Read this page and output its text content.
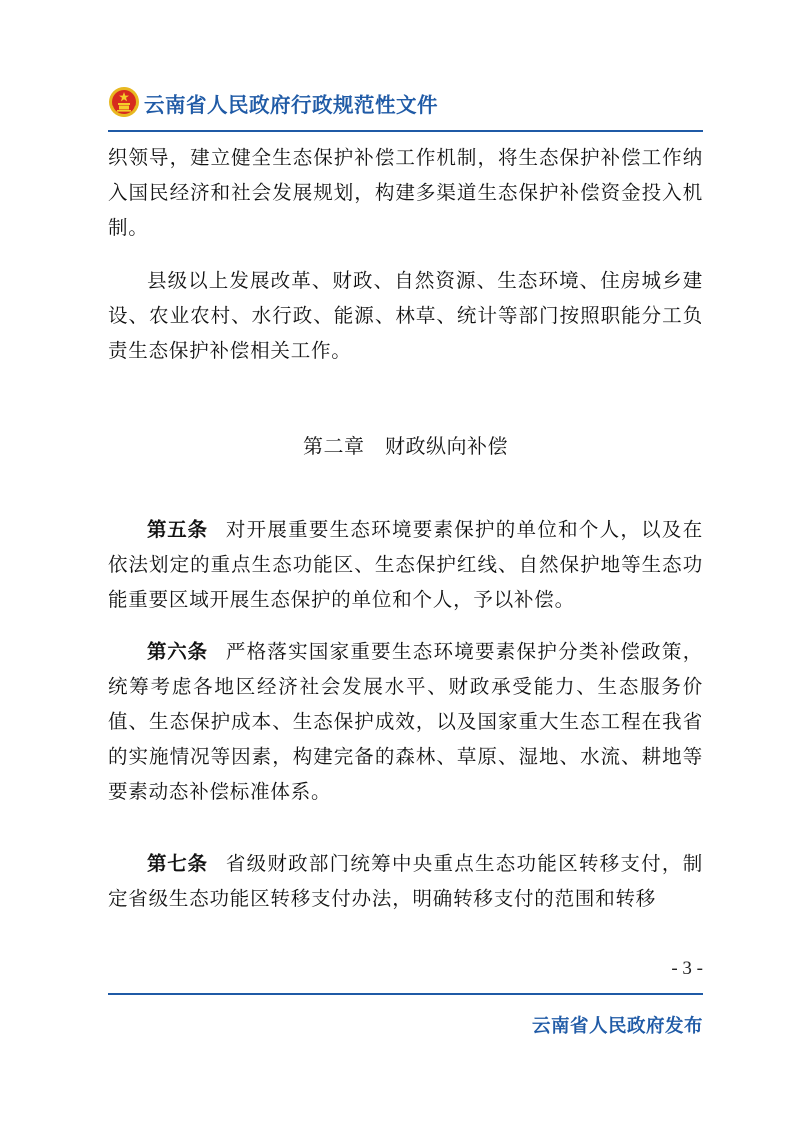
云南省人民政府行政规范性文件
织领导，建立健全生态保护补偿工作机制，将生态保护补偿工作纳入国民经济和社会发展规划，构建多渠道生态保护补偿资金投入机制。
县级以上发展改革、财政、自然资源、生态环境、住房城乡建设、农业农村、水行政、能源、林草、统计等部门按照职能分工负责生态保护补偿相关工作。
第二章　财政纵向补偿
第五条 对开展重要生态环境要素保护的单位和个人，以及在依法划定的重点生态功能区、生态保护红线、自然保护地等生态功能重要区域开展生态保护的单位和个人，予以补偿。
第六条 严格落实国家重要生态环境要素保护分类补偿政策，统筹考虑各地区经济社会发展水平、财政承受能力、生态服务价值、生态保护成本、生态保护成效，以及国家重大生态工程在我省的实施情况等因素，构建完备的森林、草原、湿地、水流、耕地等要素动态补偿标准体系。
第七条 省级财政部门统筹中央重点生态功能区转移支付，制定省级生态功能区转移支付办法，明确转移支付的范围和转移
- 3 -
云南省人民政府发布
